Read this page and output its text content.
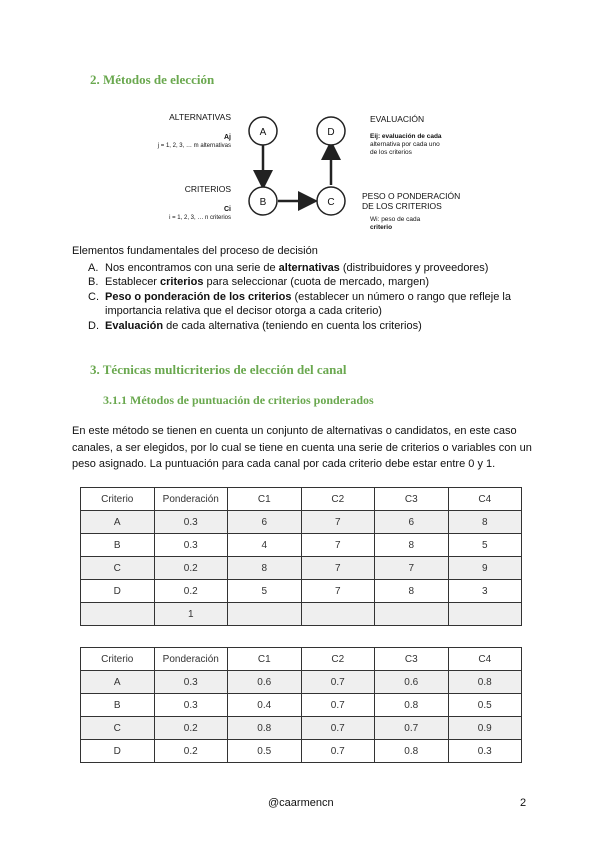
2. Métodos de elección
ALTERNATIVAS
Aj
j = 1, 2, 3, … m alternativas
CRITERIOS
Ci
i = 1, 2, 3, … n criterios
A
B	C
D
EVALUACIÓN
Eij: evaluación de cada
alternativa por cada uno
de los criterios
PESO O PONDERACIÓN
DE LOS CRITERIOS
Wi: peso de cada
criterio

Elementos fundamentales del proceso de decisión

A. Nos encontramos con una serie de alternativas (distribuidores y proveedores)
B. Establecer criterios para seleccionar (cuota de mercado, margen)
C. Peso o ponderación de los criterios (establecer un número o rango que refleje la importancia relativa que el decisor otorga a cada criterio)
D. Evaluación de cada alternativa (teniendo en cuenta los criterios)
3. Técnicas multicriterios de elección del canal
3.1.1 Métodos de puntuación de criterios ponderados

En este método se tienen en cuenta un conjunto de alternativas o candidatos, en este caso canales, a ser elegidos, por lo cual se tiene en cuenta una serie de criterios o variables con un peso asignado. La puntuación para cada canal por cada criterio debe estar entre 0 y 1.

Criterio	Ponderación	C1	C2	C3	C4
A	0.3	6	7	6	8
B	0.3	4	7	8	5
C	0.2	8	7	7	9
D	0.2	5	7	8	3
	1				
Criterio	Ponderación	C1	C2	C3	C4
A	0.3	0.6	0.7	0.6	0.8
B	0.3	0.4	0.7	0.8	0.5
C	0.2	0.8	0.7	0.7	0.9
D	0.2	0.5	0.7	0.8	0.3
@caarmencn	2
